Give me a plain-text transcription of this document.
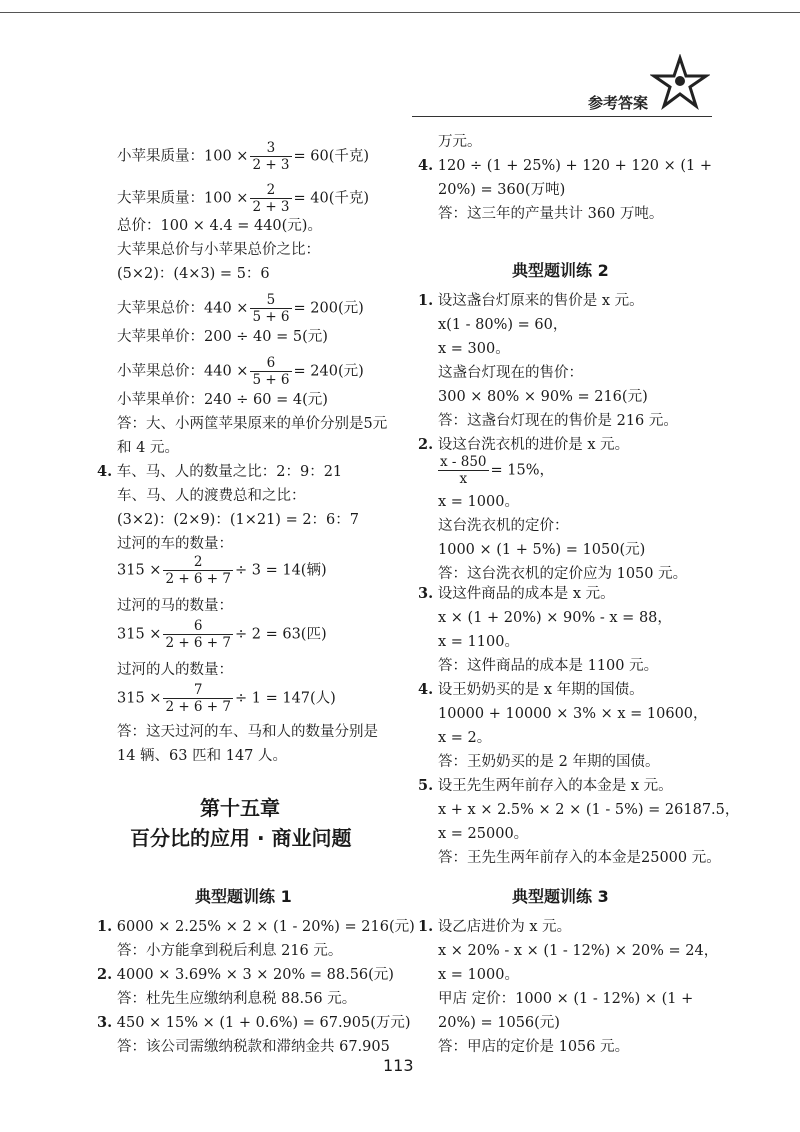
参考答案
小苹果质量：$100 \times \frac{3}{2 + 3} = 60$(千克)
大苹果质量：$100 \times \frac{2}{2 + 3} = 40$(千克)
总价：100 × 4.4 = 440(元)。
大苹果总价与小苹果总价之比：
(5×2)：(4×3) = 5：6
大苹果总价：$440 \times \frac{5}{5 + 6} = 200$(元)
大苹果单价：200 ÷ 40 = 5(元)
小苹果总价：$440 \times \frac{6}{5 + 6} = 240$(元)
小苹果单价：240 ÷ 60 = 4(元)
答：大、小两筐苹果原来的单价分别是5元
和 4 元。
4. 车、马、人的数量之比：2：9：21
车、马、人的渡费总和之比：
(3×2)：(2×9)：(1×21) = 2：6：7
过河的车的数量：
$315 \times \frac{2}{2 + 6 + 7} \div 3 = 14$(辆)
过河的马的数量：
$315 \times \frac{6}{2 + 6 + 7} \div 2 = 63$(匹)
过河的人的数量：
$315 \times \frac{7}{2 + 6 + 7} \div 1 = 147$(人)
答：这天过河的车、马和人的数量分别是
14 辆、63 匹和 147 人。
第十五章
百分比的应用 · 商业问题
典型题训练 1
1. 6000 × 2.25% × 2 × (1 - 20%) = 216(元)
答：小方能拿到税后利息 216 元。
2. 4000 × 3.69% × 3 × 20% = 88.56(元)
答：杜先生应缴纳利息税 88.56 元。
3. 450 × 15% × (1 + 0.6%) = 67.905(万元)
答：该公司需缴纳税款和滞纳金共 67.905
万元。
4. 120 ÷ (1 + 25%) + 120 + 120 × (1 +
20%) = 360(万吨)
答：这三年的产量共计 360 万吨。
典型题训练 2
1. 设这盏台灯原来的售价是 x 元。
x(1 - 80%) = 60，
x = 300。
这盏台灯现在的售价：
300 × 80% × 90% = 216(元)
答：这盏台灯现在的售价是 216 元。
2. 设这台洗衣机的进价是 x 元。
$\frac{x - 850}{x} = 15\%$，
x = 1000。
这台洗衣机的定价：
1000 × (1 + 5%) = 1050(元)
答：这台洗衣机的定价应为 1050 元。
3. 设这件商品的成本是 x 元。
x × (1 + 20%) × 90% - x = 88，
x = 1100。
答：这件商品的成本是 1100 元。
4. 设王奶奶买的是 x 年期的国债。
10000 + 10000 × 3% × x = 10600，
x = 2。
答：王奶奶买的是 2 年期的国债。
5. 设王先生两年前存入的本金是 x 元。
x + x × 2.5% × 2 × (1 - 5%) = 26187.5，
x = 25000。
答：王先生两年前存入的本金是25000 元。
典型题训练 3
1. 设乙店进价为 x 元。
x × 20% - x × (1 - 12%) × 20% = 24，
x = 1000。
甲店 定价：1000 × (1 - 12%) × (1 +
20%) = 1056(元)
答：甲店的定价是 1056 元。
113
